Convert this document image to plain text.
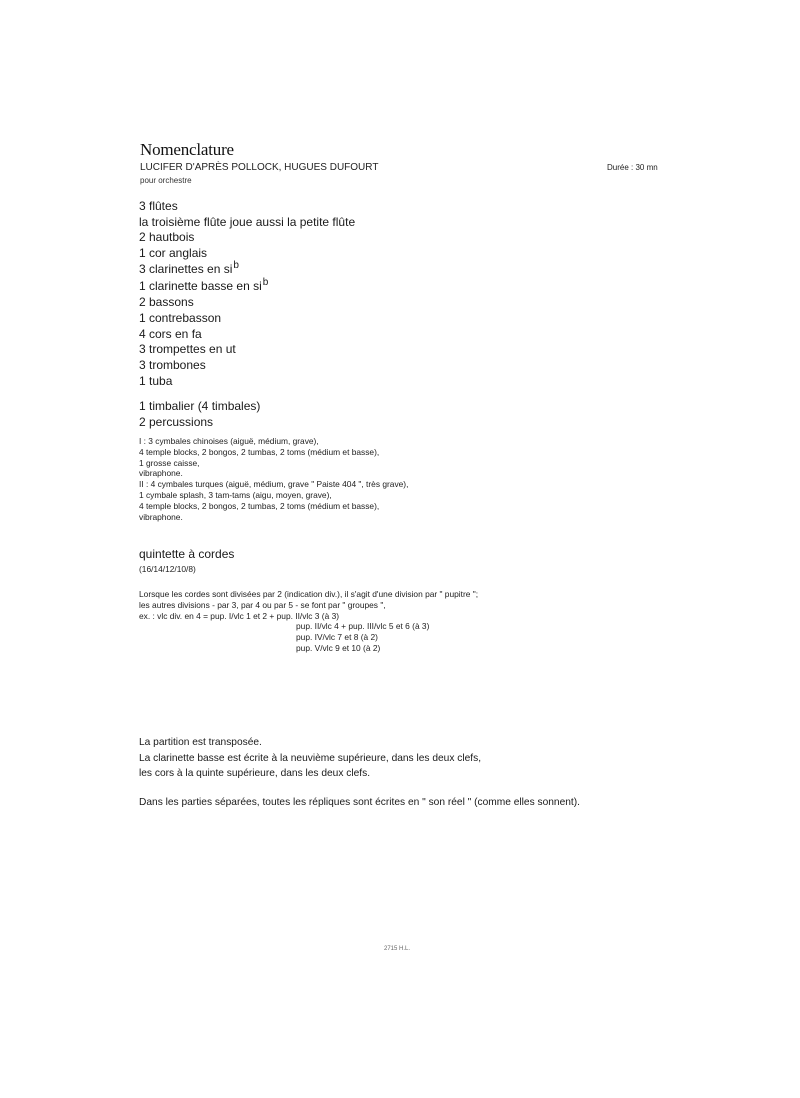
Nomenclature
LUCIFER D'APRÈS POLLOCK, HUGUES DUFOURT	Durée : 30 mn
pour orchestre
3 flûtes
la troisième flûte joue aussi la petite flûte
2 hautbois
1 cor anglais
3 clarinettes en $si^b$
1 clarinette basse en $si^b$
2 bassons
1 contrebasson
4 cors en fa
3 trompettes en ut
3 trombones
1 tuba
1 timbalier (4 timbales)
2 percussions
I : 3 cymbales chinoises (aiguë, médium, grave),
4 temple blocks, 2 bongos, 2 tumbas, 2 toms (médium et basse),
1 grosse caisse,
vibraphone.
II : 4 cymbales turques (aiguë, médium, grave " Paiste 404 ", très grave),
1 cymbale splash, 3 tam-tams (aigu, moyen, grave),
4 temple blocks, 2 bongos, 2 tumbas, 2 toms (médium et basse),
vibraphone.
quintette à cordes
(16/14/12/10/8)
Lorsque les cordes sont divisées par 2 (indication div.), il s'agit d'une division par " pupitre ";
les autres divisions - par 3, par 4 ou par 5 - se font par " groupes ",
ex. : vlc div. en 4 = pup. I/vlc 1 et 2 + pup. II/vlc 3 (à 3)
pup. II/vlc 4 + pup. III/vlc 5 et 6 (à 3)
pup. IV/vlc 7 et 8 (à 2)
pup. V/vlc 9 et 10 (à 2)
La partition est transposée.
La clarinette basse est écrite à la neuvième supérieure, dans les deux clefs,
les cors à la quinte supérieure, dans les deux clefs.
Dans les parties séparées, toutes les répliques sont écrites en " son réel " (comme elles sonnent).
2715 H.L.
